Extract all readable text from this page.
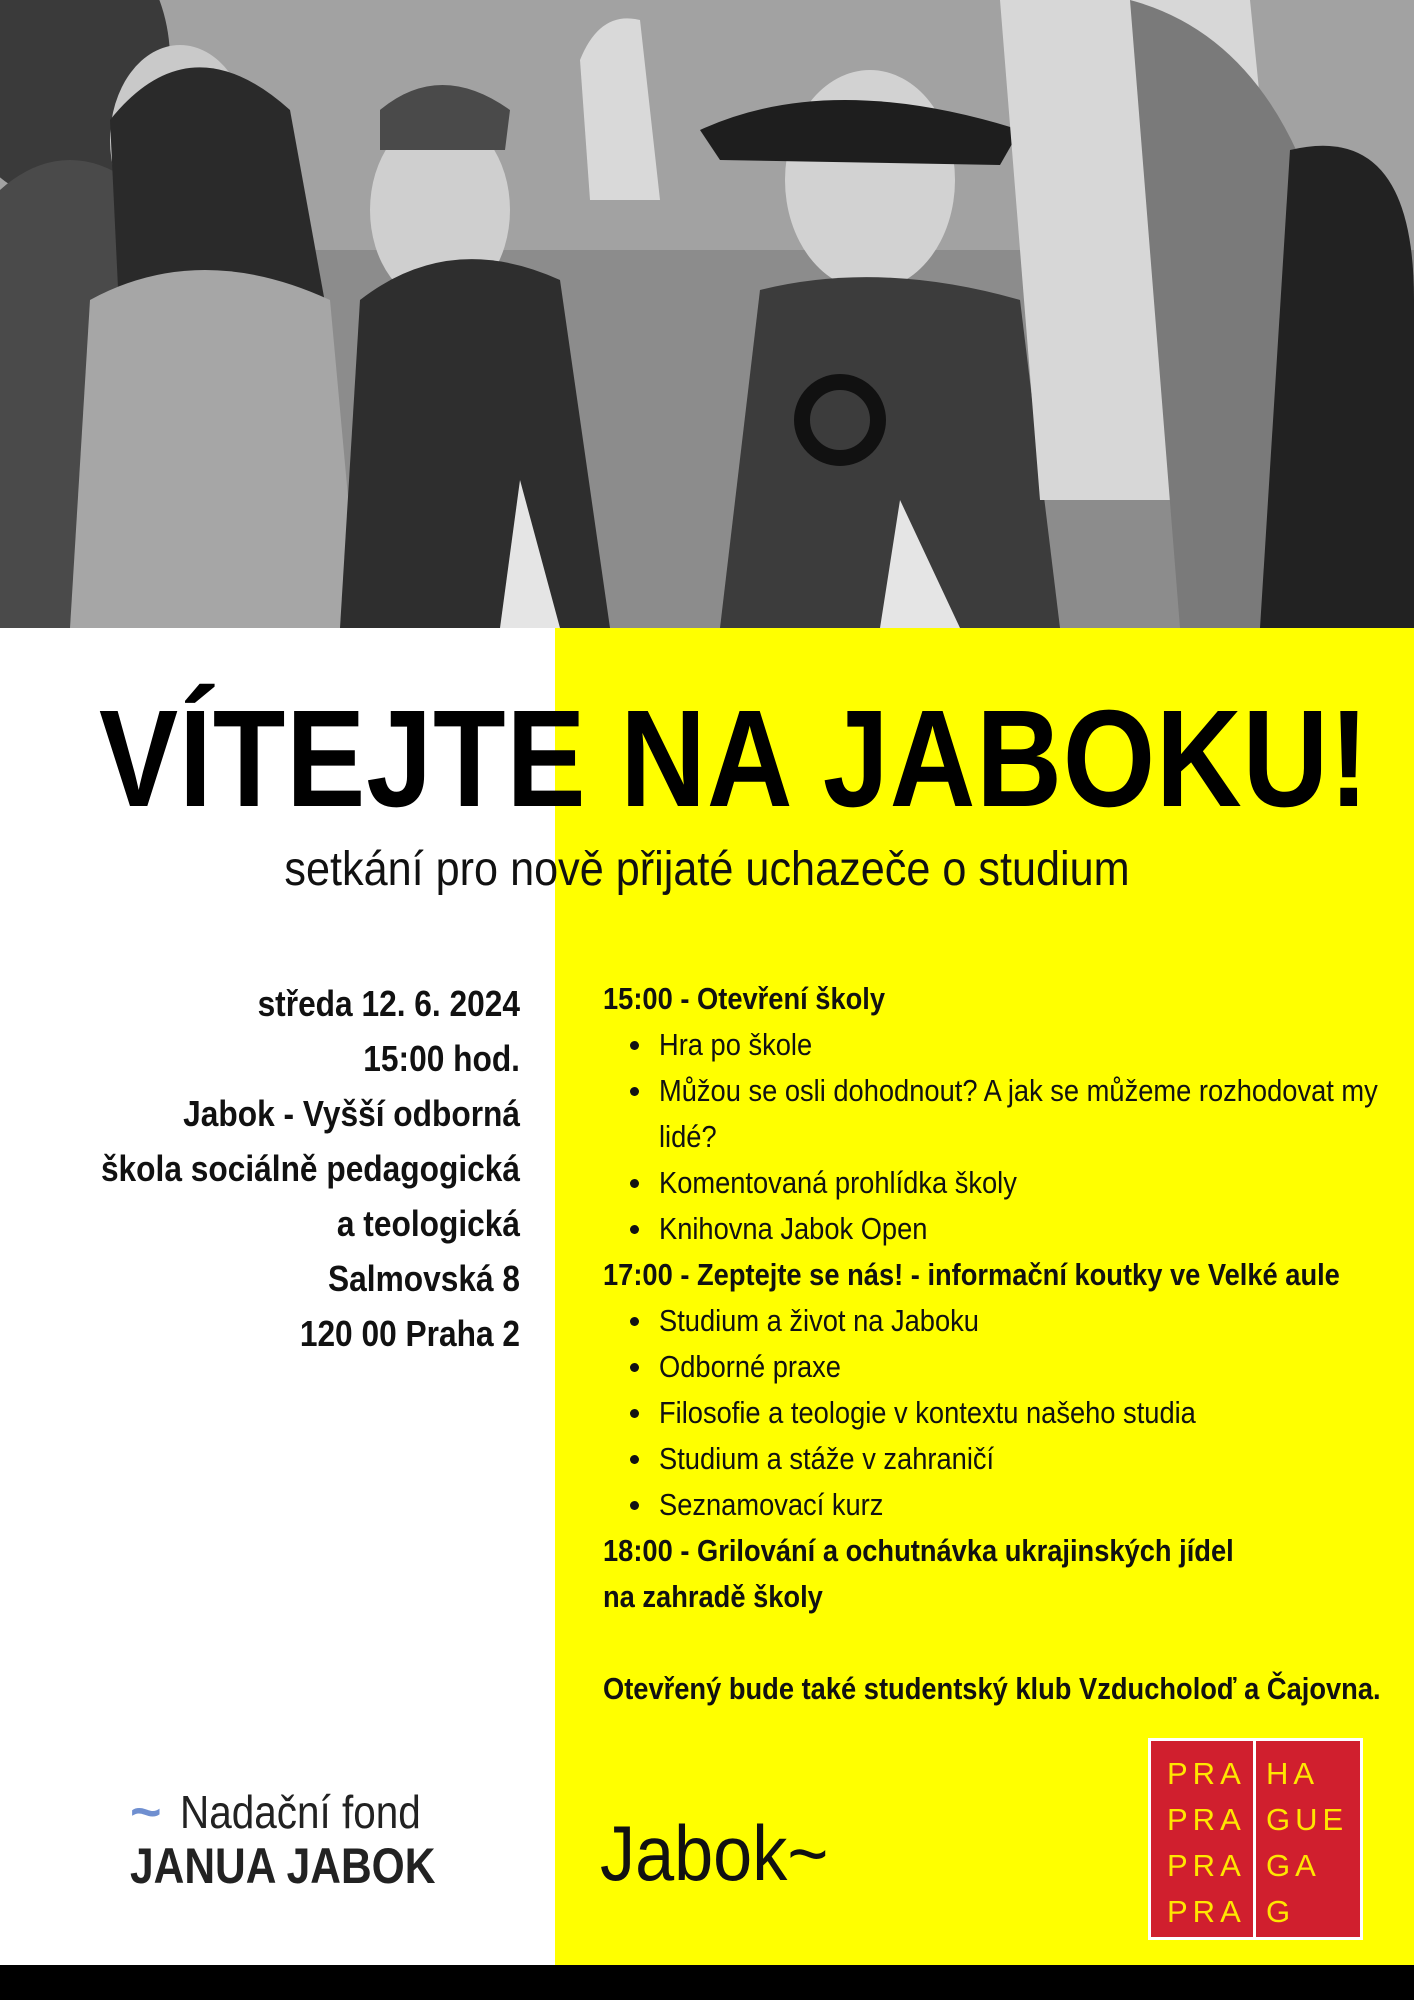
VÍTEJTE NA JABOKU!
setkání pro nově přijaté uchazeče o studium
středa 12. 6. 2024
15:00 hod.
Jabok - Vyšší odborná
škola sociálně pedagogická
a teologická
Salmovská 8
120 00 Praha 2
15:00 - Otevření školy
Hra po škole
Můžou se osli dohodnout? A jak se můžeme rozhodovat my lidé?
Komentovaná prohlídka školy
Knihovna Jabok Open
17:00 - Zeptejte se nás! - informační koutky ve Velké aule
Studium a život na Jaboku
Odborné praxe
Filosofie a teologie v kontextu našeho studia
Studium a stáže v zahraničí
Seznamovací kurz
18:00 - Grilování a ochutnávka ukrajinských jídel
na zahradě školy
Otevřený bude také studentský klub Vzducholoď a Čajovna.
~ Nadační fond
JANUA JABOK Jabok~
PRA
PRA
PRA
PRA
HA
GUE
GA
G
